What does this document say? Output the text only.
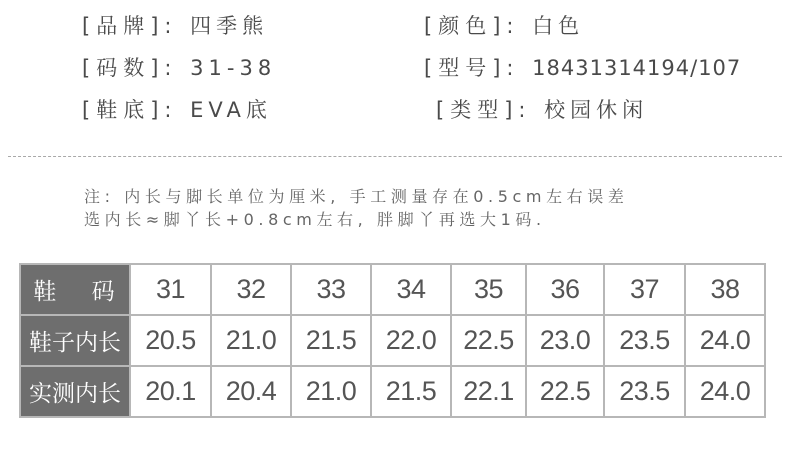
[品牌]: 四季熊	[颜色]: 白色
[码数]: 31-38	[型号]: 18431314194/107
[鞋底]: EVA底	[类型]: 校园休闲
注: 内长与脚长单位为厘米, 手工测量存在0.5cm左右误差
选内长≈脚丫长+0.8cm左右, 胖脚丫再选大1码.
鞋 码	31	32	33	34	35	36	37	38
鞋子内长	20.5	21.0	21.5	22.0	22.5	23.0	23.5	24.0
实测内长	20.1	20.4	21.0	21.5	22.1	22.5	23.5	24.0
